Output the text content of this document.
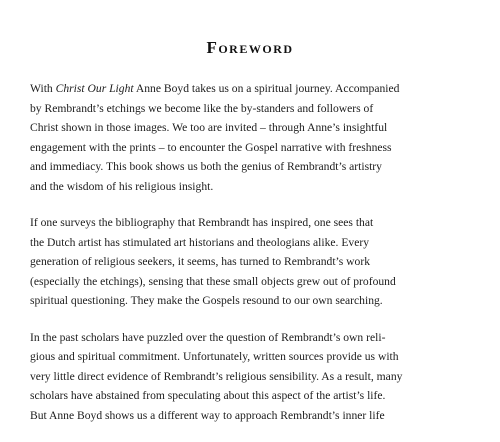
Foreword
With Christ Our Light Anne Boyd takes us on a spiritual journey. Accompanied
by Rembrandt’s etchings we become like the by-standers and followers of
Christ shown in those images. We too are invited – through Anne’s insightful
engagement with the prints – to encounter the Gospel narrative with freshness
and immediacy. This book shows us both the genius of Rembrandt’s artistry
and the wisdom of his religious insight.
If one surveys the bibliography that Rembrandt has inspired, one sees that
the Dutch artist has stimulated art historians and theologians alike. Every
generation of religious seekers, it seems, has turned to Rembrandt’s work
(especially the etchings), sensing that these small objects grew out of profound
spiritual questioning. They make the Gospels resound to our own searching.
In the past scholars have puzzled over the question of Rembrandt’s own reli-
gious and spiritual commitment. Unfortunately, written sources provide us with
very little direct evidence of Rembrandt’s religious sensibility. As a result, many
scholars have abstained from speculating about this aspect of the artist’s life.
But Anne Boyd shows us a different way to approach Rembrandt’s inner life
